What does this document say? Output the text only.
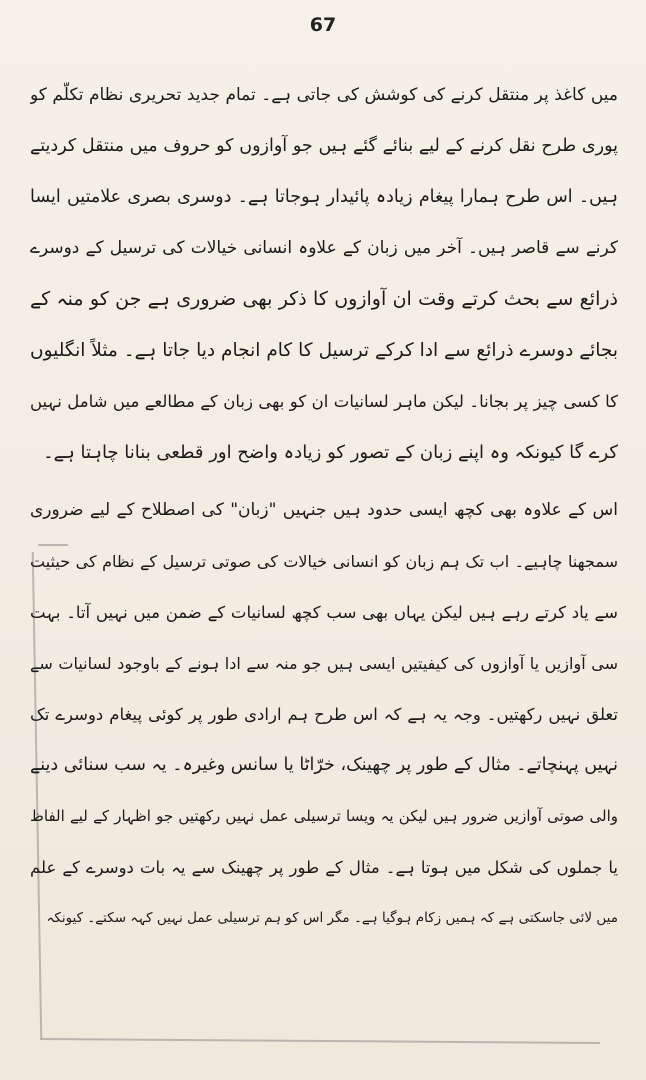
67
میں کاغذ پر منتقل کرنے کی کوشش کی جاتی ہے۔ تمام جدید تحریری نظام تکلّم کو
پوری طرح نقل کرنے کے لیے بنائے گئے ہیں جو آوازوں کو حروف میں منتقل کردیتے
ہیں۔ اس طرح ہمارا پیغام زیادہ پائیدار ہوجاتا ہے۔ دوسری بصری علامتیں ایسا
کرنے سے قاصر ہیں۔ آخر میں زبان کے علاوہ انسانی خیالات کی ترسیل کے دوسرے
ذرائع سے بحث کرتے وقت ان آوازوں کا ذکر بھی ضروری ہے جن کو منہ کے
بجائے دوسرے ذرائع سے ادا کرکے ترسیل کا کام انجام دیا جاتا ہے۔ مثلاً انگلیوں
کا کسی چیز پر بجانا۔ لیکن ماہر لسانیات ان کو بھی زبان کے مطالعے میں شامل نہیں
کرے گا کیونکہ وہ اپنے زبان کے تصور کو زیادہ واضح اور قطعی بنانا چاہتا ہے۔
اس کے علاوہ بھی کچھ ایسی حدود ہیں جنہیں "زبان" کی اصطلاح کے لیے ضروری
سمجھنا چاہیے۔ اب تک ہم زبان کو انسانی خیالات کی صوتی ترسیل کے نظام کی حیثیت
سے یاد کرتے رہے ہیں لیکن یہاں بھی سب کچھ لسانیات کے ضمن میں نہیں آتا۔ بہت
سی آوازیں یا آوازوں کی کیفیتیں ایسی ہیں جو منہ سے ادا ہونے کے باوجود لسانیات سے
تعلق نہیں رکھتیں۔ وجہ یہ ہے کہ اس طرح ہم ارادی طور پر کوئی پیغام دوسرے تک
نہیں پہنچاتے۔ مثال کے طور پر چھینک، خرّاٹا یا سانس وغیرہ۔ یہ سب سنائی دینے
والی صوتی آوازیں ضرور ہیں لیکن یہ ویسا ترسیلی عمل نہیں رکھتیں جو اظہار کے لیے الفاظ
یا جملوں کی شکل میں ہوتا ہے۔ مثال کے طور پر چھینک سے یہ بات دوسرے کے علم
میں لائی جاسکتی ہے کہ ہمیں زکام ہوگیا ہے۔ مگر اس کو ہم ترسیلی عمل نہیں کہہ سکتے۔ کیونکہ
